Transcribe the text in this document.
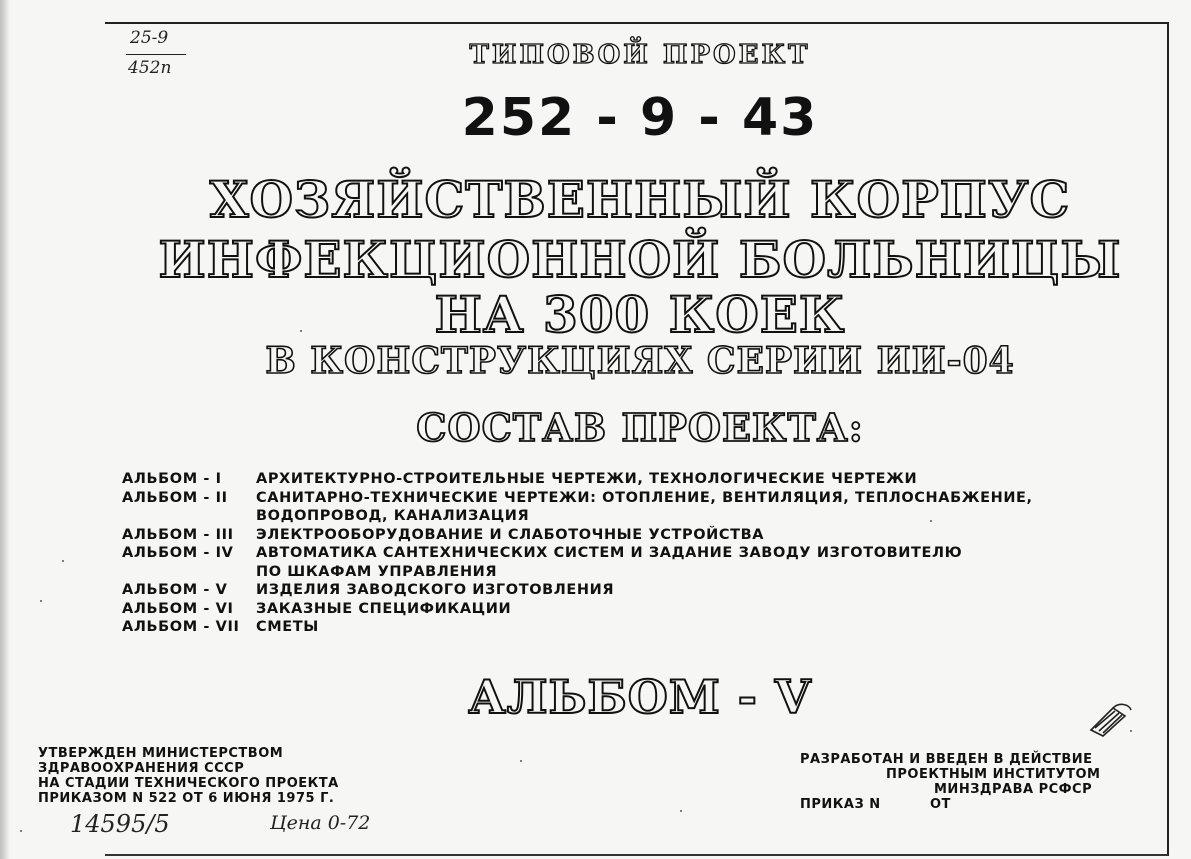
25-9
452п	ТИПОВОЙ ПРОЕКТ
252 - 9 - 43
ХОЗЯЙСТВЕННЫЙ КОРПУС
ИНФЕКЦИОННОЙ БОЛЬНИЦЫ
НА 300 КОЕК
В КОНСТРУКЦИЯХ СЕРИИ ИИ-04
СОСТАВ ПРОЕКТА:
АЛЬБОМ - I	АРХИТЕКТУРНО-СТРОИТЕЛЬНЫЕ ЧЕРТЕЖИ, ТЕХНОЛОГИЧЕСКИЕ ЧЕРТЕЖИ
АЛЬБОМ - II	САНИТАРНО-ТЕХНИЧЕСКИЕ ЧЕРТЕЖИ: ОТОПЛЕНИЕ, ВЕНТИЛЯЦИЯ, ТЕПЛОСНАБЖЕНИЕ,
ВОДОПРОВОД, КАНАЛИЗАЦИЯ
АЛЬБОМ - III	ЭЛЕКТРООБОРУДОВАНИЕ И СЛАБОТОЧНЫЕ УСТРОЙСТВА
АЛЬБОМ - IV	АВТОМАТИКА САНТЕХНИЧЕСКИХ СИСТЕМ И ЗАДАНИЕ ЗАВОДУ ИЗГОТОВИТЕЛЮ
ПО ШКАФАМ УПРАВЛЕНИЯ
АЛЬБОМ - V	ИЗДЕЛИЯ ЗАВОДСКОГО ИЗГОТОВЛЕНИЯ
АЛЬБОМ - VI	ЗАКАЗНЫЕ СПЕЦИФИКАЦИИ
АЛЬБОМ - VII	СМЕТЫ
АЛЬБОМ - V
УТВЕРЖДЕН МИНИСТЕРСТВОМ
ЗДРАВООХРАНЕНИЯ СССР
НА СТАДИИ ТЕХНИЧЕСКОГО ПРОЕКТА
ПРИКАЗОМ N 522 ОТ 6 ИЮНЯ 1975 Г.
РАЗРАБОТАН И ВВЕДЕН В ДЕЙСТВИЕ
ПРОЕКТНЫМ ИНСТИТУТОМ
МИНЗДРАВА РСФСР
ПРИКАЗ N	ОТ
14595/5	Цена 0-72
